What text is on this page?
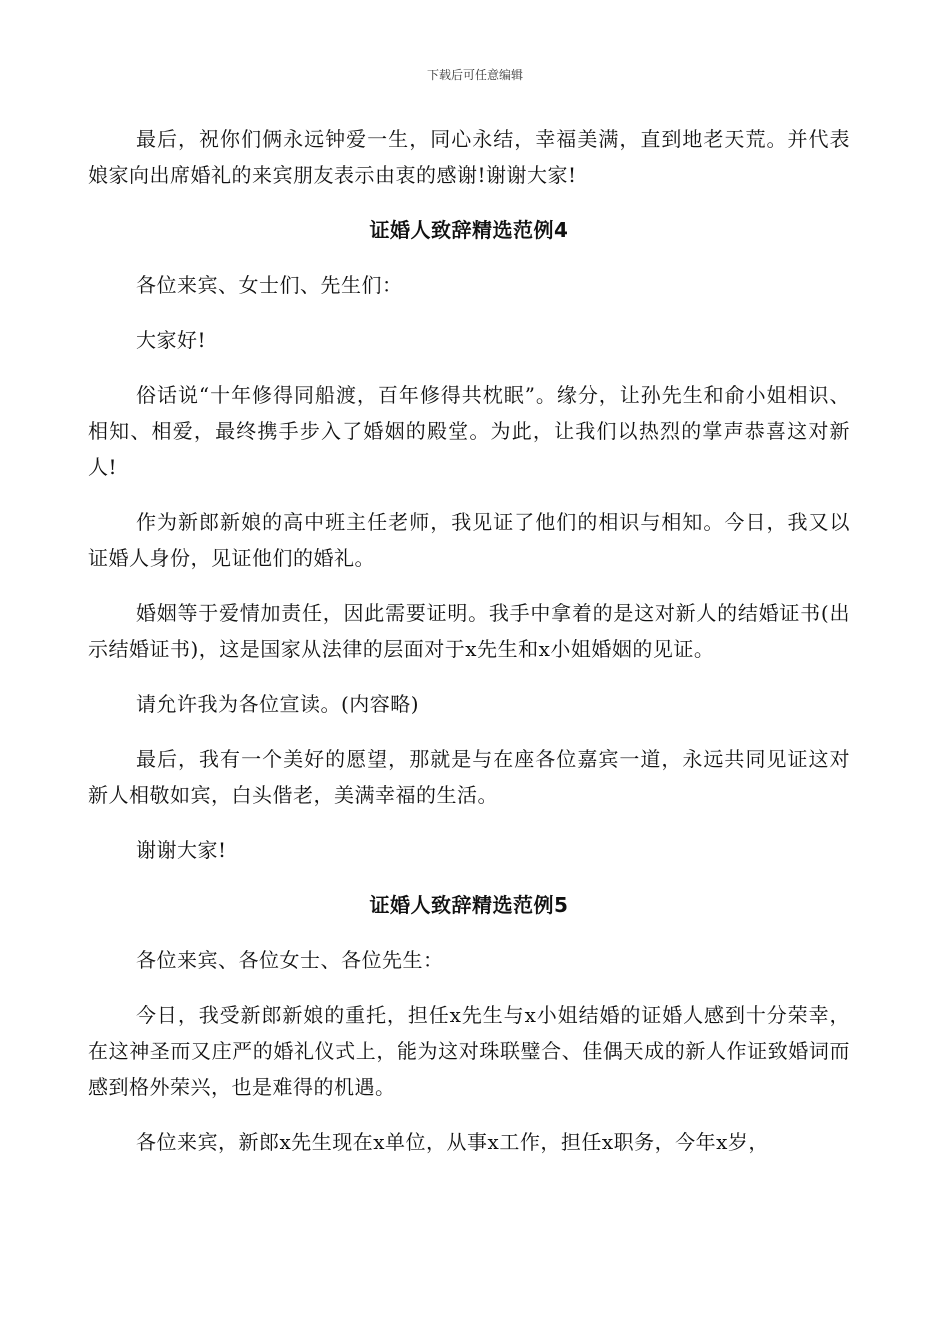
下载后可任意编辑

最后，祝你们俩永远钟爱一生，同心永结，幸福美满，直到地老天荒。并代表娘家向出席婚礼的来宾朋友表示由衷的感谢!谢谢大家!

证婚人致辞精选范例4

各位来宾、女士们、先生们：

大家好!

俗话说“十年修得同船渡，百年修得共枕眠”。缘分，让孙先生和俞小姐相识、相知、相爱，最终携手步入了婚姻的殿堂。为此，让我们以热烈的掌声恭喜这对新人!

作为新郎新娘的高中班主任老师，我见证了他们的相识与相知。今日，我又以证婚人身份，见证他们的婚礼。

婚姻等于爱情加责任，因此需要证明。我手中拿着的是这对新人的结婚证书(出示结婚证书)，这是国家从法律的层面对于x先生和x小姐婚姻的见证。

请允许我为各位宣读。(内容略)

最后，我有一个美好的愿望，那就是与在座各位嘉宾一道，永远共同见证这对新人相敬如宾，白头偕老，美满幸福的生活。

谢谢大家!

证婚人致辞精选范例5

各位来宾、各位女士、各位先生：

今日，我受新郎新娘的重托，担任x先生与x小姐结婚的证婚人感到十分荣幸，在这神圣而又庄严的婚礼仪式上，能为这对珠联璧合、佳偶天成的新人作证致婚词而感到格外荣兴，也是难得的机遇。

各位来宾，新郎x先生现在x单位，从事x工作，担任x职务，今年x岁，
